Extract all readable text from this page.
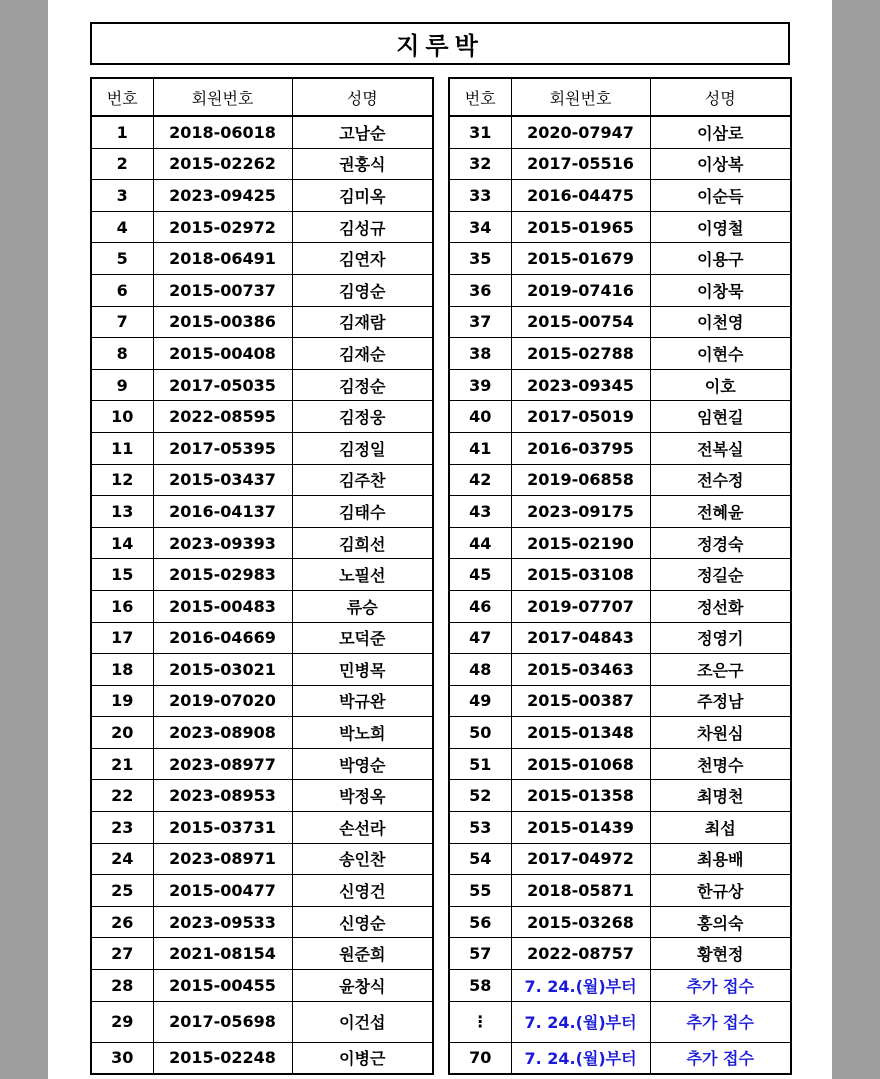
지루박
번호	회원번호	성명
1	2018-06018	고남순
2	2015-02262	권홍식
3	2023-09425	김미옥
4	2015-02972	김성규
5	2018-06491	김연자
6	2015-00737	김영순
7	2015-00386	김재람
8	2015-00408	김재순
9	2017-05035	김정순
10	2022-08595	김정웅
11	2017-05395	김정일
12	2015-03437	김주찬
13	2016-04137	김태수
14	2023-09393	김희선
15	2015-02983	노필선
16	2015-00483	류승
17	2016-04669	모덕준
18	2015-03021	민병목
19	2019-07020	박규완
20	2023-08908	박노희
21	2023-08977	박영순
22	2023-08953	박정옥
23	2015-03731	손선라
24	2023-08971	송인찬
25	2015-00477	신영건
26	2023-09533	신영순
27	2021-08154	원준희
28	2015-00455	윤창식
29	2017-05698	이건섭
30	2015-02248	이병근
번호	회원번호	성명
31	2020-07947	이삼로
32	2017-05516	이상복
33	2016-04475	이순득
34	2015-01965	이영철
35	2015-01679	이용구
36	2019-07416	이창묵
37	2015-00754	이천영
38	2015-02788	이현수
39	2023-09345	이호
40	2017-05019	임현길
41	2016-03795	전복실
42	2019-06858	전수정
43	2023-09175	전혜윤
44	2015-02190	정경숙
45	2015-03108	정길순
46	2019-07707	정선화
47	2017-04843	정영기
48	2015-03463	조은구
49	2015-00387	주정남
50	2015-01348	차원심
51	2015-01068	천명수
52	2015-01358	최명천
53	2015-01439	최섭
54	2017-04972	최용배
55	2018-05871	한규상
56	2015-03268	홍의숙
57	2022-08757	황현정
58	7. 24.(월)부터	추가 접수
⋮	7. 24.(월)부터	추가 접수
70	7. 24.(월)부터	추가 접수
